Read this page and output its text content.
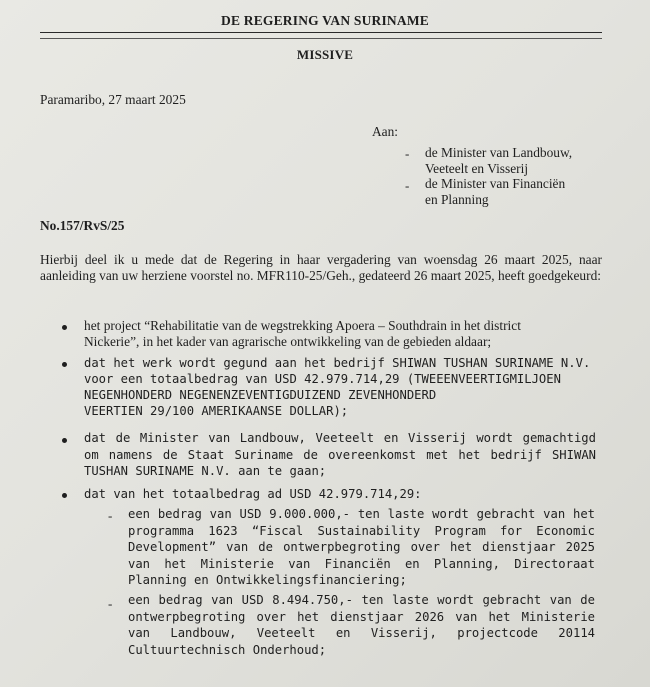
DE REGERING VAN SURINAME
MISSIVE
Paramaribo, 27 maart 2025
Aan:
- de Minister van Landbouw,
Veeteelt en Visserij
- de Minister van Financiën
en Planning
No.157/RvS/25
Hierbij deel ik u mede dat de Regering in haar vergadering van woensdag 26 maart 2025, naar aanleiding van uw herziene voorstel no. MFR110-25/Geh., gedateerd 26 maart 2025, heeft goedgekeurd:
het project “Rehabilitatie van de wegstrekking Apoera – Southdrain in het district
Nickerie”, in het kader van agrarische ontwikkeling van de gebieden aldaar;
dat het werk wordt gegund aan het bedrijf SHIWAN TUSHAN SURINAME N.V.
voor een totaalbedrag van USD 42.979.714,29 (TWEEENVEERTIGMILJOEN
NEGENHONDERD NEGENENZEVENTIGDUIZEND ZEVENHONDERD
VEERTIEN 29/100 AMERIKAANSE DOLLAR);
dat de Minister van Landbouw, Veeteelt en Visserij wordt gemachtigd om namens de Staat Suriname de overeenkomst met het bedrijf SHIWAN TUSHAN SURINAME N.V. aan te gaan;
dat van het totaalbedrag ad USD 42.979.714,29:
- een bedrag van USD 9.000.000,- ten laste wordt gebracht van het programma 1623 “Fiscal Sustainability Program for Economic Development” van de ontwerpbegroting over het dienstjaar 2025 van het Ministerie van Financiën en Planning, Directoraat Planning en Ontwikkelingsfinanciering;
- een bedrag van USD 8.494.750,- ten laste wordt gebracht van de ontwerpbegroting over het dienstjaar 2026 van het Ministerie van Landbouw, Veeteelt en Visserij, projectcode 20114 Cultuurtechnisch Onderhoud;
